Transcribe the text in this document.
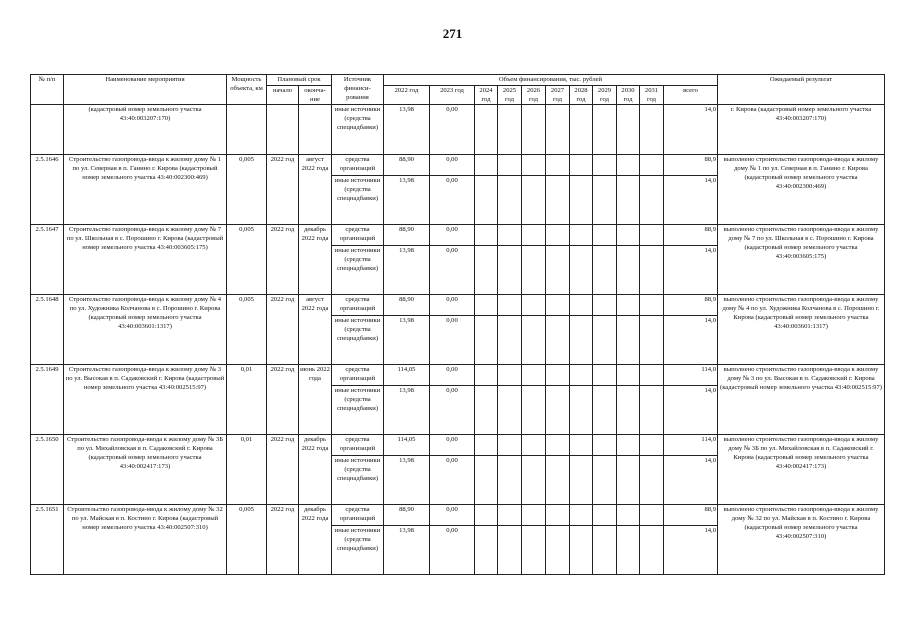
271
№ п/п	Наименование мероприятия	Мощность объекта, км	Плановый срок		Источник финанси-рования	Объем финансирования, тыс. рублей											Ожидаемый результат
			начало	оконча-ние		2022 год	2023 год	2024 год	2025 год	2026 год	2027 год	2028 год	2029 год	2030 год	2031 год	всего	
	(кадастровый номер земельного участка 43:40:003207:170)				иные источники (средства спецнадбавки)	13,98	0,00									14,0	г. Кирова (кадастровый номер земельного участка 43:40:003207:170)
2.5.1646	Строительство газопровода-ввода к жилому дому № 1 по ул. Северная в п. Ганино г. Кирова (кадастровый номер земельного участка 43:40:002300:469)	0,005	2022 год	август 2022 года	средства организаций	88,90	0,00									88,9	выполнено строительство газопровода-ввода к жилому дому № 1 по ул. Северная в п. Ганино г. Кирова (кадастровый номер земельного участка 43:40:002300:469)
					иные источники (средства спецнадбавки)	13,98	0,00									14,0	
2.5.1647	Строительство газопровода-ввода к жилому дому № 7 по ул. Школьная в с. Порошино г. Кирова (кадастровый номер земельного участка 43:40:003605:175)	0,005	2022 год	декабрь 2022 года	средства организаций	88,90	0,00									88,9	выполнено строительство газопровода-ввода к жилому дому № 7 по ул. Школьная в с. Порошино г. Кирова (кадастровый номер земельного участка 43:40:003605:175)
					иные источники (средства спецнадбавки)	13,98	0,00									14,0	
2.5.1648	Строительство газопровода-ввода к жилому дому № 4 по ул. Художника Колчанова в с. Порошино г. Кирова (кадастровый номер земельного участка 43:40:003601:1317)	0,005	2022 год	август 2022 года	средства организаций	88,90	0,00									88,9	выполнено строительство газопровода-ввода к жилому дому № 4 по ул. Художника Колчанова в с. Порошино г. Кирова (кадастровый номер земельного участка 43:40:003601:1317)
					иные источники (средства спецнадбавки)	13,98	0,00									14,0	
2.5.1649	Строительство газопровода-ввода к жилому дому № 3 по ул. Высокая в п. Садаковский г. Кирова (кадастровый номер земельного участка 43:40:002515:97)	0,01	2022 год	июнь 2022 года	средства организаций	114,05	0,00									114,0	выполнено строительство газопровода-ввода к жилому дому № 3 по ул. Высокая в п. Садаковский г. Кирова (кадастровый номер земельного участка 43:40:002515:97)
					иные источники (средства спецнадбавки)	13,98	0,00									14,0	
2.5.1650	Строительство газопровода-ввода к жилому дому № 3Б по ул. Михайловская в п. Садаковский г. Кирова (кадастровый номер земельного участка 43:40:002417:173)	0,01	2022 год	декабрь 2022 года	средства организаций	114,05	0,00									114,0	выполнено строительство газопровода-ввода к жилому дому № 3Б по ул. Михайловская в п. Садаковский г. Кирова (кадастровый номер земельного участка 43:40:002417:173)
					иные источники (средства спецнадбавки)	13,98	0,00									14,0	
2.5.1651	Строительство газопровода-ввода к жилому дому № 32 по ул. Майская в п. Костино г. Кирова (кадастровый номер земельного участка 43:40:002507:310)	0,005	2022 год	декабрь 2022 года	средства организаций	88,90	0,00									88,9	выполнено строительство газопровода-ввода к жилому дому № 32 по ул. Майская в п. Костино г. Кирова (кадастровый номер земельного участка 43:40:002507:310)
					иные источники (средства спецнадбавки)	13,98	0,00									14,0	
